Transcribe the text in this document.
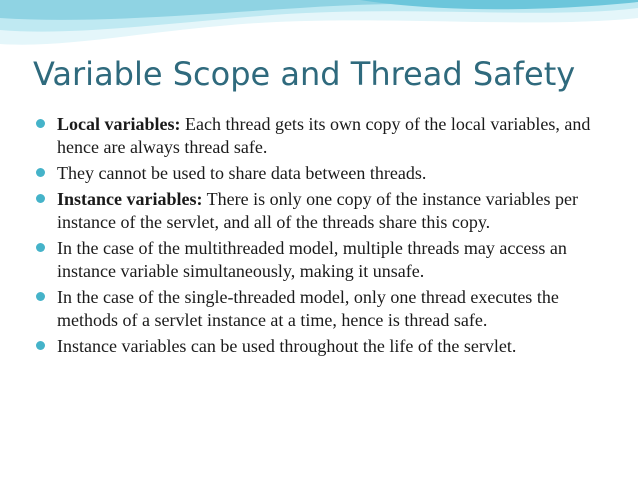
Variable Scope and Thread Safety
Local variables: Each thread gets its own copy of the local variables, and hence are always thread safe.
They cannot be used to share data between threads.
Instance variables: There is only one copy of the instance variables per instance of the servlet, and all of the threads share this copy.
In the case of the multithreaded model, multiple threads may access an instance variable simultaneously, making it unsafe.
In the case of the single-threaded model, only one thread executes the methods of a servlet instance at a time, hence is thread safe.
Instance variables can be used throughout the life of the servlet.
